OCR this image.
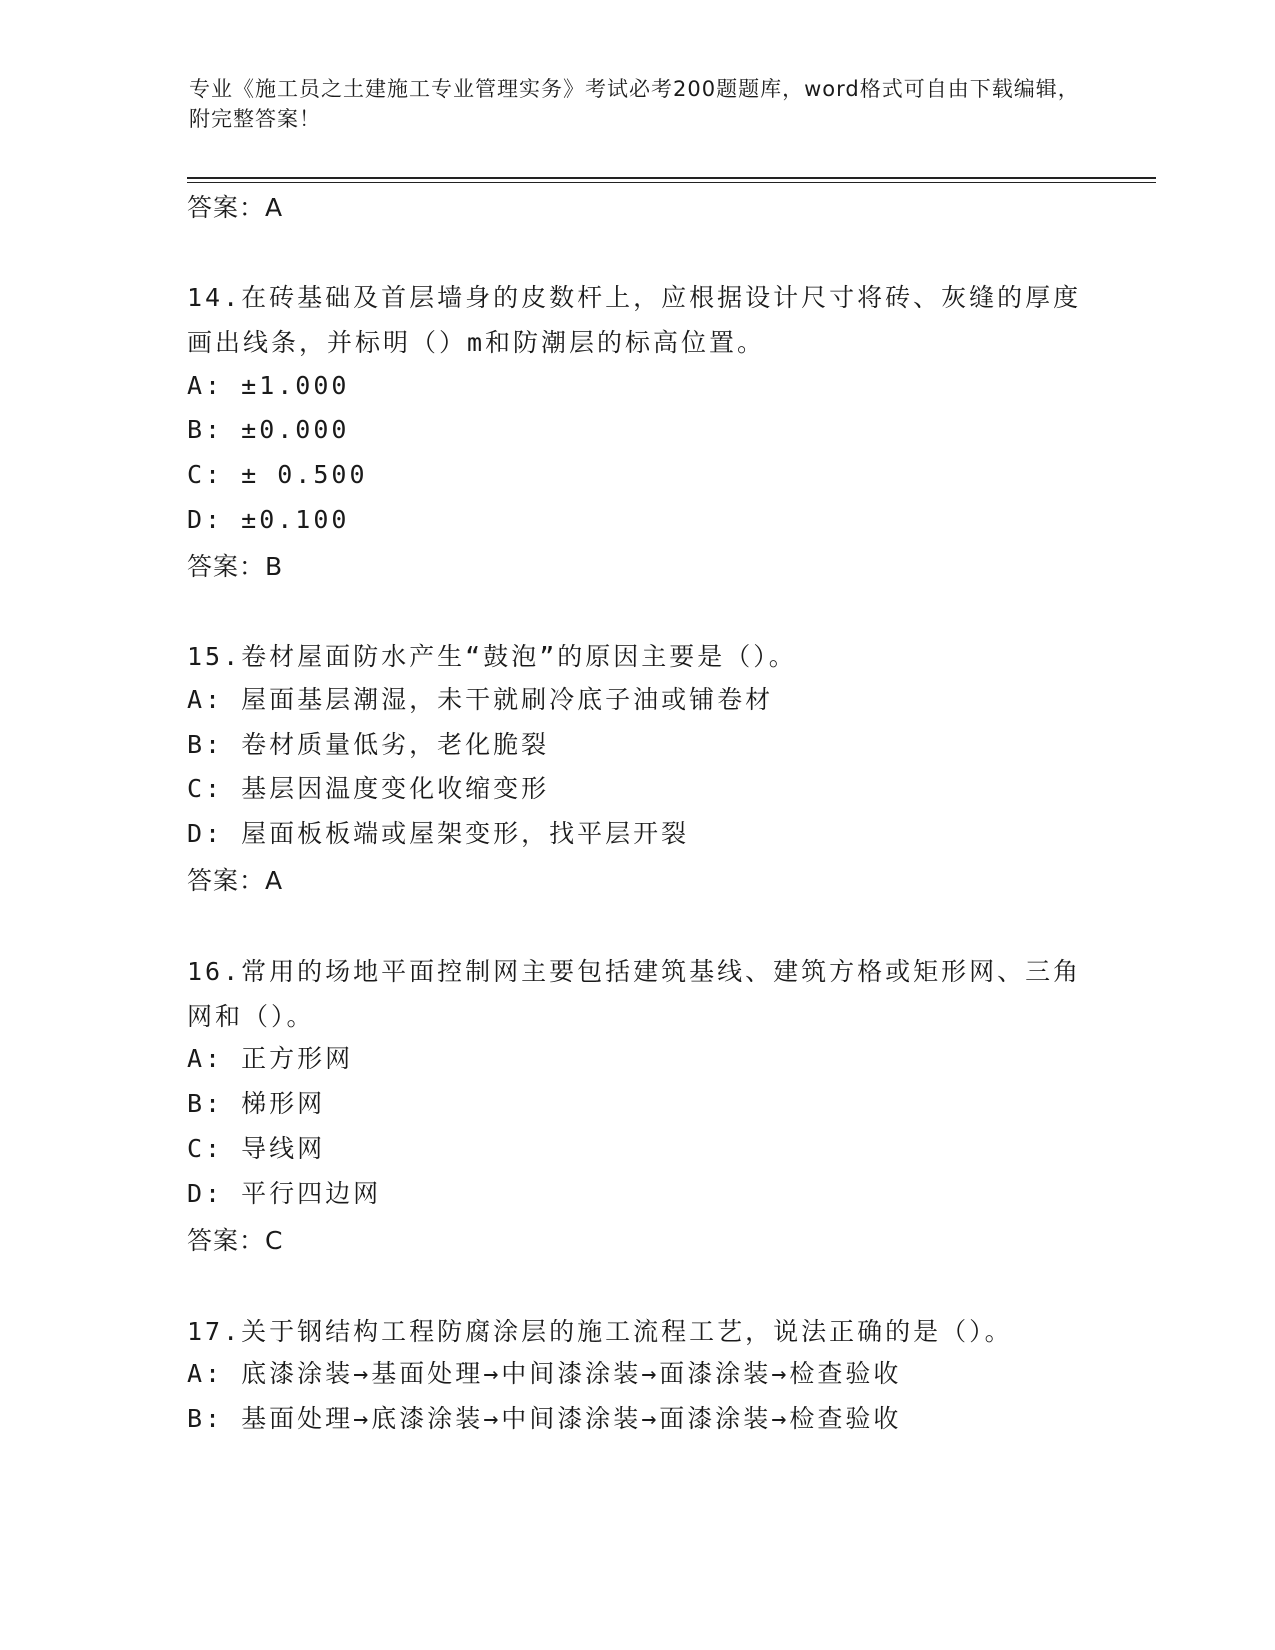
专业《施工员之土建施工专业管理实务》考试必考200题题库，word格式可自由下载编辑，附完整答案！
答案：A
14.在砖基础及首层墙身的皮数杆上，应根据设计尺寸将砖、灰缝的厚度画出线条，并标明（）m和防潮层的标高位置。
A: ±1.000
B: ±0.000
C: ± 0.500
D: ±0.100
答案：B
15.卷材屋面防水产生“鼓泡”的原因主要是（）。
A: 屋面基层潮湿，未干就刷冷底子油或铺卷材
B: 卷材质量低劣，老化脆裂
C: 基层因温度变化收缩变形
D: 屋面板板端或屋架变形，找平层开裂
答案：A
16.常用的场地平面控制网主要包括建筑基线、建筑方格或矩形网、三角网和（）。
A: 正方形网
B: 梯形网
C: 导线网
D: 平行四边网
答案：C
17.关于钢结构工程防腐涂层的施工流程工艺，说法正确的是（）。
A: 底漆涂装→基面处理→中间漆涂装→面漆涂装→检查验收
B: 基面处理→底漆涂装→中间漆涂装→面漆涂装→检查验收
